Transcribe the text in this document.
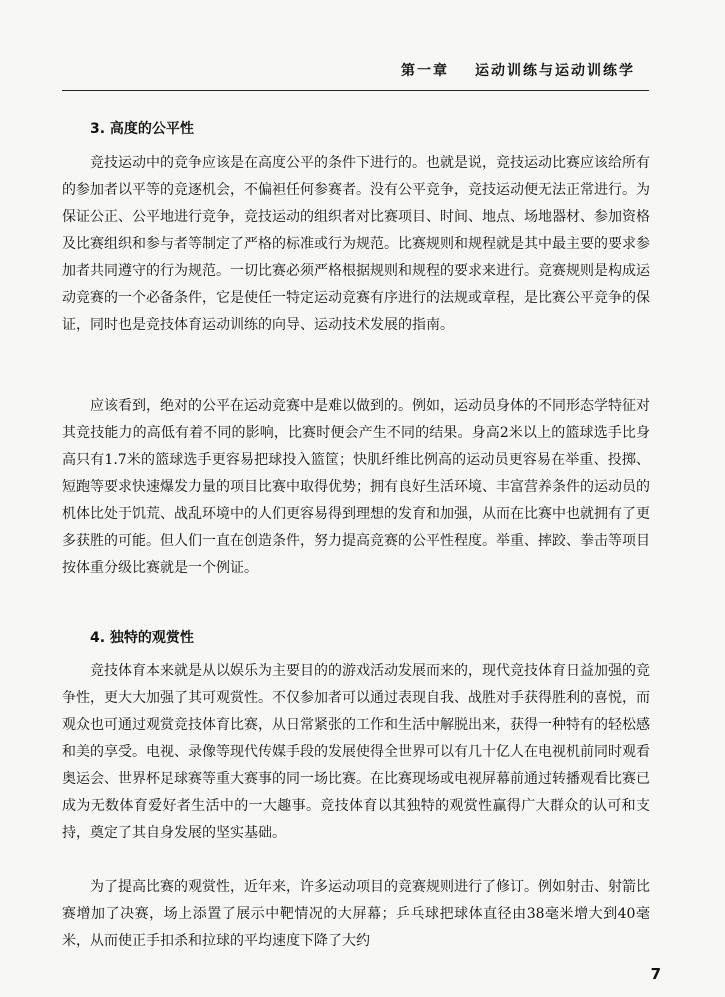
第一章 运动训练与运动训练学
3. 高度的公平性

竞技运动中的竞争应该是在高度公平的条件下进行的。也就是说，竞技运动比赛应该给所有的参加者以平等的竞逐机会，不偏袒任何参赛者。没有公平竞争，竞技运动便无法正常进行。为保证公正、公平地进行竞争，竞技运动的组织者对比赛项目、时间、地点、场地器材、参加资格及比赛组织和参与者等制定了严格的标准或行为规范。比赛规则和规程就是其中最主要的要求参加者共同遵守的行为规范。一切比赛必须严格根据规则和规程的要求来进行。竞赛规则是构成运动竞赛的一个必备条件，它是使任一特定运动竞赛有序进行的法规或章程，是比赛公平竞争的保证，同时也是竞技体育运动训练的向导、运动技术发展的指南。

应该看到，绝对的公平在运动竞赛中是难以做到的。例如，运动员身体的不同形态学特征对其竞技能力的高低有着不同的影响，比赛时便会产生不同的结果。身高2米以上的篮球选手比身高只有1.7米的篮球选手更容易把球投入篮筐；快肌纤维比例高的运动员更容易在举重、投掷、短跑等要求快速爆发力量的项目比赛中取得优势；拥有良好生活环境、丰富营养条件的运动员的机体比处于饥荒、战乱环境中的人们更容易得到理想的发育和加强，从而在比赛中也就拥有了更多获胜的可能。但人们一直在创造条件，努力提高竞赛的公平性程度。举重、摔跤、拳击等项目按体重分级比赛就是一个例证。

4. 独特的观赏性

竞技体育本来就是从以娱乐为主要目的的游戏活动发展而来的，现代竞技体育日益加强的竞争性，更大大加强了其可观赏性。不仅参加者可以通过表现自我、战胜对手获得胜利的喜悦，而观众也可通过观赏竞技体育比赛，从日常紧张的工作和生活中解脱出来，获得一种特有的轻松感和美的享受。电视、录像等现代传媒手段的发展使得全世界可以有几十亿人在电视机前同时观看奥运会、世界杯足球赛等重大赛事的同一场比赛。在比赛现场或电视屏幕前通过转播观看比赛已成为无数体育爱好者生活中的一大趣事。竞技体育以其独特的观赏性赢得广大群众的认可和支持，奠定了其自身发展的坚实基础。

为了提高比赛的观赏性，近年来，许多运动项目的竞赛规则进行了修订。例如射击、射箭比赛增加了决赛，场上添置了展示中靶情况的大屏幕；乒乓球把球体直径由38毫米增大到40毫米，从而使正手扣杀和拉球的平均速度下降了大约

7
